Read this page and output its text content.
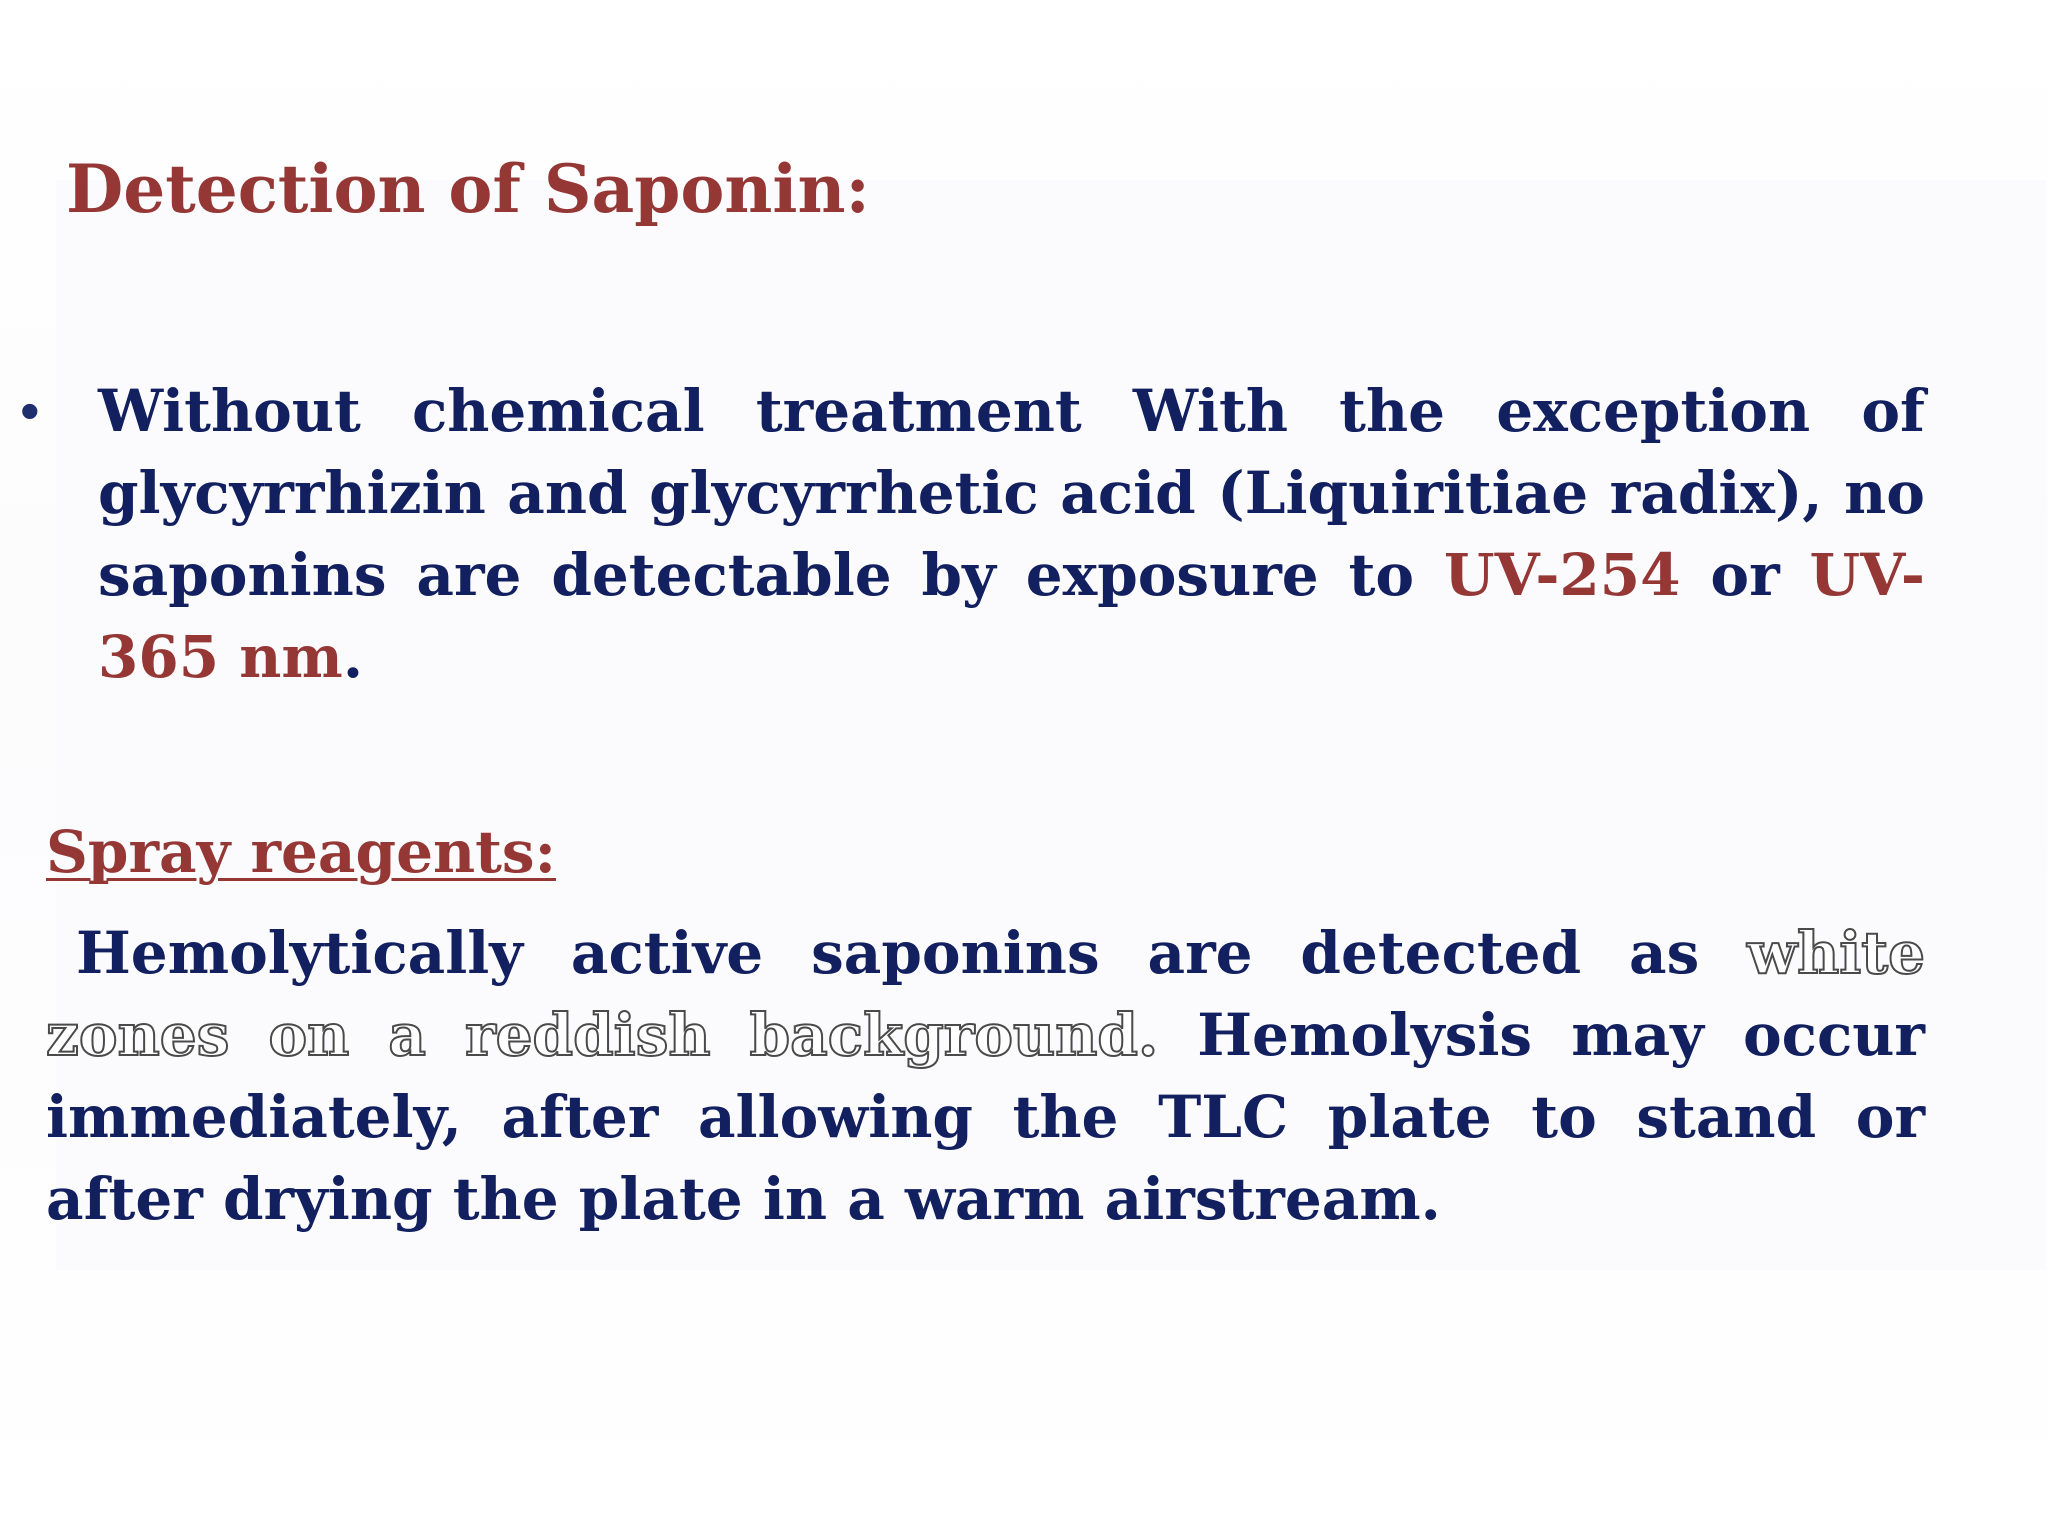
Detection of Saponin:
• Without chemical treatment With the exception of glycyrrhizin and glycyrrhetic acid (Liquiritiae radix), no saponins are detectable by exposure to UV-254 or UV-365 nm.

Spray reagents:

Hemolytically active saponins are detected as white zones on a reddish background. Hemolysis may occur immediately, after allowing the TLC plate to stand or after drying the plate in a warm airstream.
